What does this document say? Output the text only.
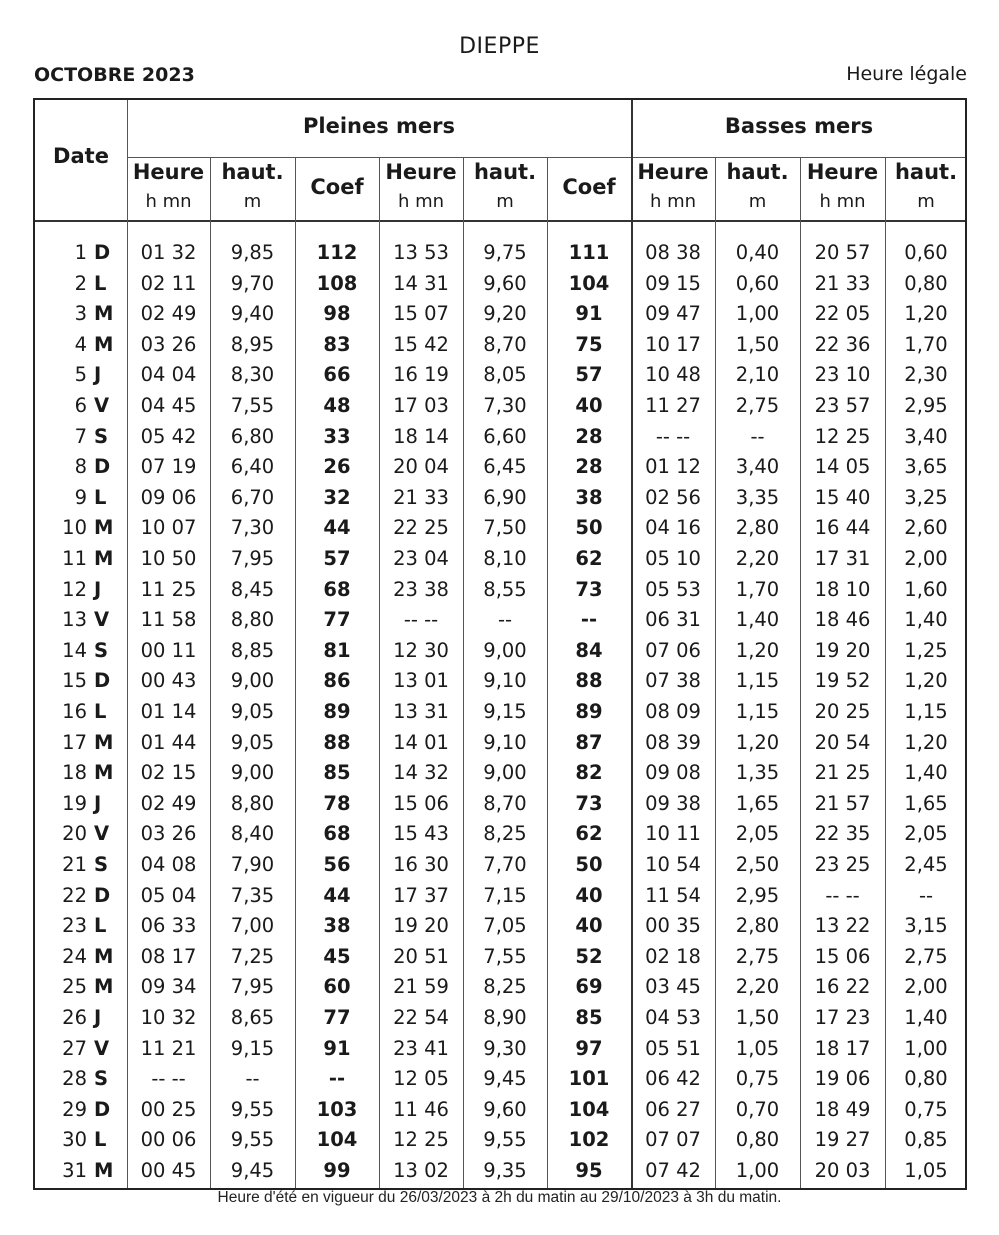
DIEPPE
OCTOBRE 2023	Heure légale
Date
Pleines mers	Basses mers
Heure
h mn
haut.
m
Coef
Heure
h mn
haut.
m
Coef
Heure
h mn
haut.
m
Heure
h mn
haut.
m
1 D	01 32	9,85	112	13 53	9,75	111	08 38	0,40	20 57	0,60
2 L	02 11	9,70	108	14 31	9,60	104	09 15	0,60	21 33	0,80
3 M	02 49	9,40	98	15 07	9,20	91	09 47	1,00	22 05	1,20
4 M	03 26	8,95	83	15 42	8,70	75	10 17	1,50	22 36	1,70
5 J	04 04	8,30	66	16 19	8,05	57	10 48	2,10	23 10	2,30
6 V	04 45	7,55	48	17 03	7,30	40	11 27	2,75	23 57	2,95
7 S	05 42	6,80	33	18 14	6,60	28	-- --	--	12 25	3,40
8 D	07 19	6,40	26	20 04	6,45	28	01 12	3,40	14 05	3,65
9 L	09 06	6,70	32	21 33	6,90	38	02 56	3,35	15 40	3,25
10 M	10 07	7,30	44	22 25	7,50	50	04 16	2,80	16 44	2,60
11 M	10 50	7,95	57	23 04	8,10	62	05 10	2,20	17 31	2,00
12 J	11 25	8,45	68	23 38	8,55	73	05 53	1,70	18 10	1,60
13 V	11 58	8,80	77	-- --	--	--	06 31	1,40	18 46	1,40
14 S	00 11	8,85	81	12 30	9,00	84	07 06	1,20	19 20	1,25
15 D	00 43	9,00	86	13 01	9,10	88	07 38	1,15	19 52	1,20
16 L	01 14	9,05	89	13 31	9,15	89	08 09	1,15	20 25	1,15
17 M	01 44	9,05	88	14 01	9,10	87	08 39	1,20	20 54	1,20
18 M	02 15	9,00	85	14 32	9,00	82	09 08	1,35	21 25	1,40
19 J	02 49	8,80	78	15 06	8,70	73	09 38	1,65	21 57	1,65
20 V	03 26	8,40	68	15 43	8,25	62	10 11	2,05	22 35	2,05
21 S	04 08	7,90	56	16 30	7,70	50	10 54	2,50	23 25	2,45
22 D	05 04	7,35	44	17 37	7,15	40	11 54	2,95	-- --	--
23 L	06 33	7,00	38	19 20	7,05	40	00 35	2,80	13 22	3,15
24 M	08 17	7,25	45	20 51	7,55	52	02 18	2,75	15 06	2,75
25 M	09 34	7,95	60	21 59	8,25	69	03 45	2,20	16 22	2,00
26 J	10 32	8,65	77	22 54	8,90	85	04 53	1,50	17 23	1,40
27 V	11 21	9,15	91	23 41	9,30	97	05 51	1,05	18 17	1,00
28 S	-- --	--	--	12 05	9,45	101	06 42	0,75	19 06	0,80
29 D	00 25	9,55	103	11 46	9,60	104	06 27	0,70	18 49	0,75
30 L	00 06	9,55	104	12 25	9,55	102	07 07	0,80	19 27	0,85
31 M	00 45	9,45	99	13 02	9,35	95	07 42	1,00	20 03	1,05
Heure d'été en vigueur du 26/03/2023 à 2h du matin au 29/10/2023 à 3h du matin.
